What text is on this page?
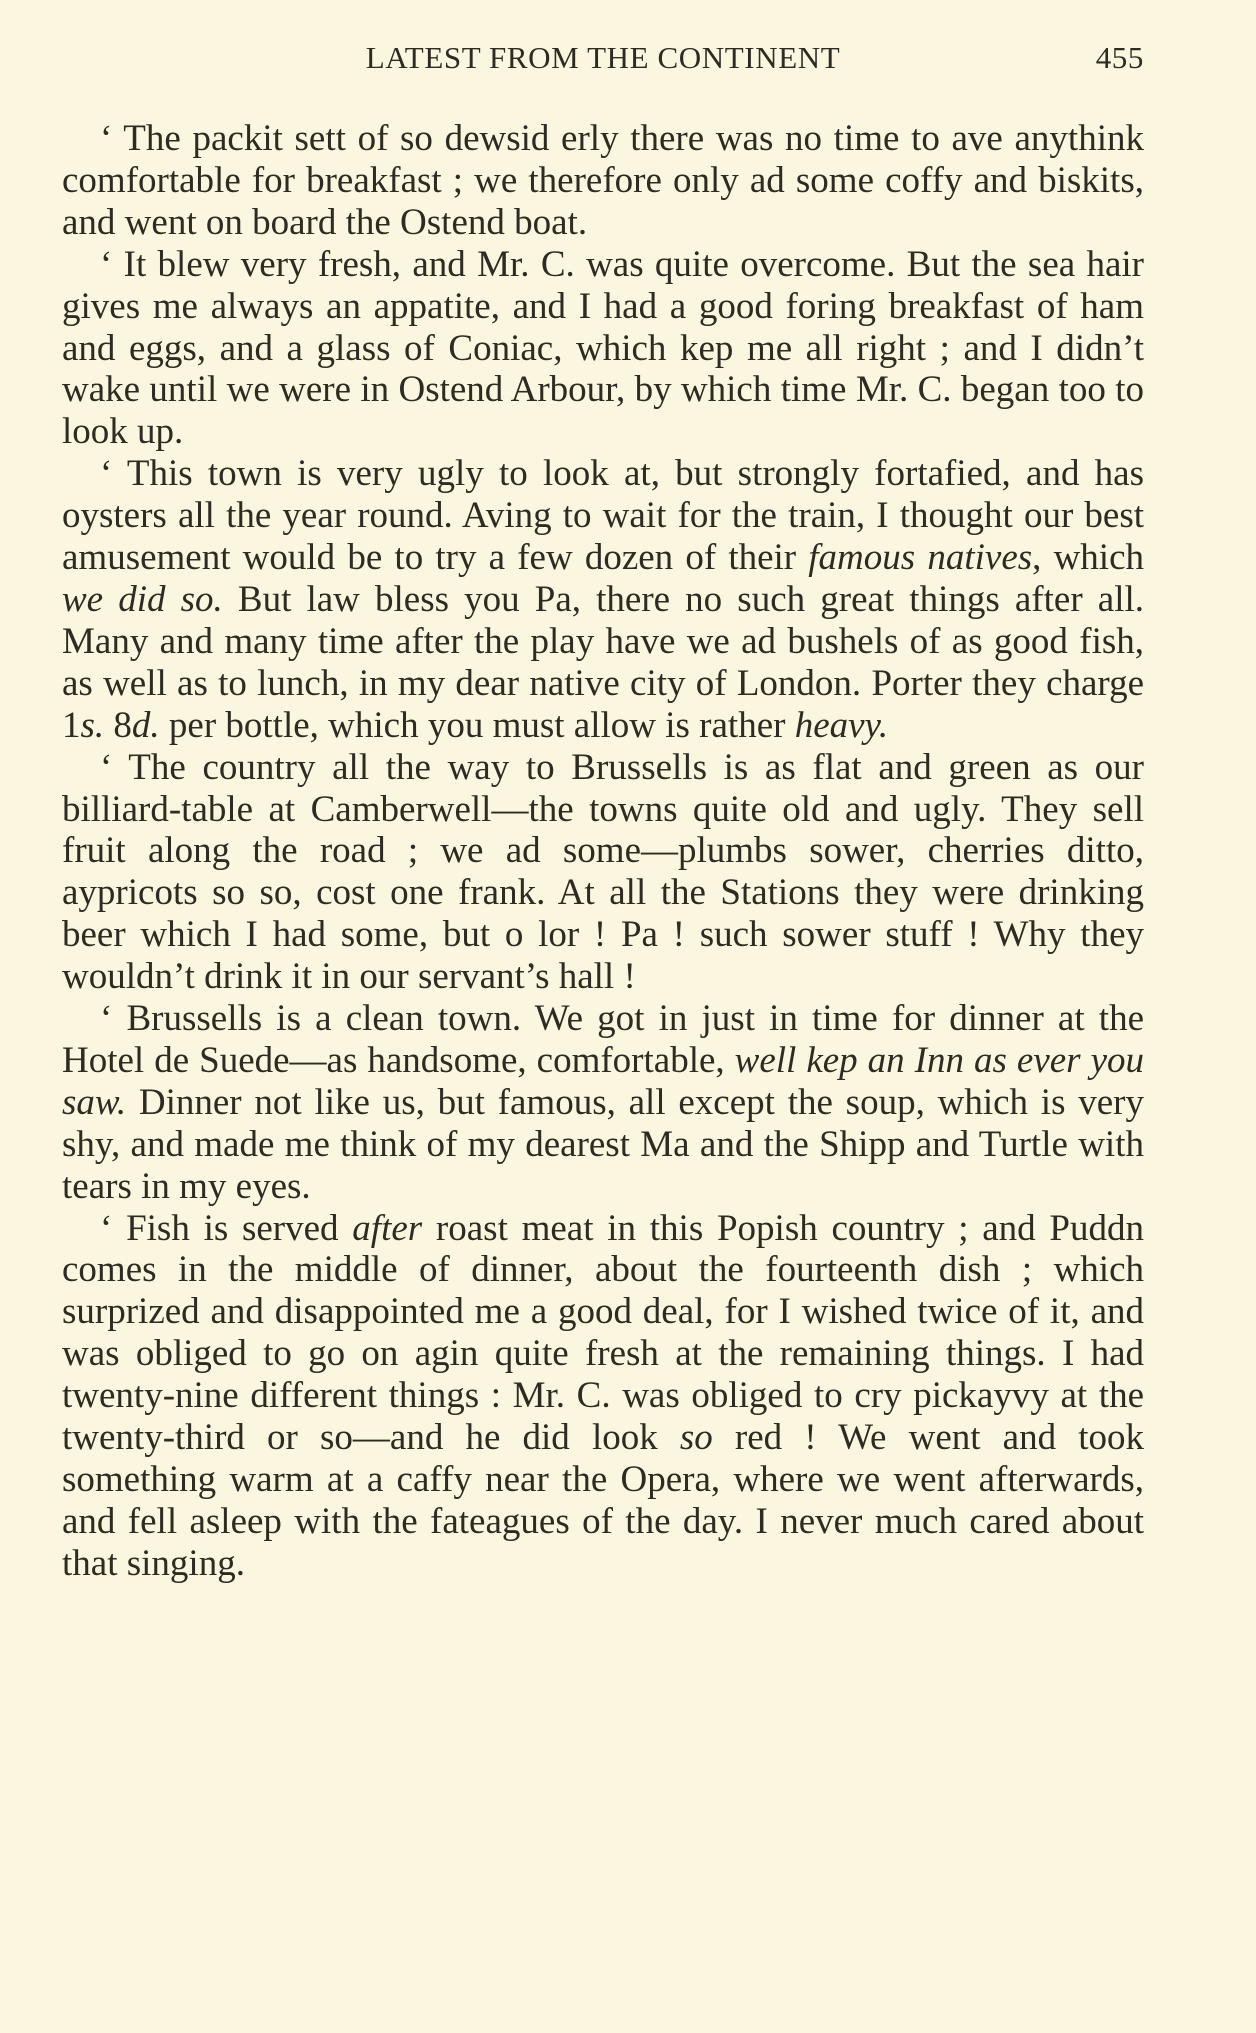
LATEST FROM THE CONTINENT	455

‘ The packit sett of so dewsid erly there was no time to ave anythink comfortable for breakfast ; we therefore only ad some coffy and biskits, and went on board the Ostend boat.

‘ It blew very fresh, and Mr. C. was quite overcome. But the sea hair gives me always an appatite, and I had a good foring breakfast of ham and eggs, and a glass of Coniac, which kep me all right ; and I didn’t wake until we were in Ostend Arbour, by which time Mr. C. began too to look up.

‘ This town is very ugly to look at, but strongly fortafied, and has oysters all the year round. Aving to wait for the train, I thought our best amusement would be to try a few dozen of their famous natives, which we did so. But law bless you Pa, there no such great things after all. Many and many time after the play have we ad bushels of as good fish, as well as to lunch, in my dear native city of London. Porter they charge 1s. 8d. per bottle, which you must allow is rather heavy.

‘ The country all the way to Brussells is as flat and green as our billiard-table at Camberwell—the towns quite old and ugly. They sell fruit along the road ; we ad some—plumbs sower, cherries ditto, aypricots so so, cost one frank. At all the Stations they were drinking beer which I had some, but o lor ! Pa ! such sower stuff ! Why they wouldn’t drink it in our servant’s hall !

‘ Brussells is a clean town. We got in just in time for dinner at the Hotel de Suede—as handsome, comfortable, well kep an Inn as ever you saw. Dinner not like us, but famous, all except the soup, which is very shy, and made me think of my dearest Ma and the Shipp and Turtle with tears in my eyes.

‘ Fish is served after roast meat in this Popish country ; and Puddn comes in the middle of dinner, about the fourteenth dish ; which surprized and disappointed me a good deal, for I wished twice of it, and was obliged to go on agin quite fresh at the remaining things. I had twenty-nine different things : Mr. C. was obliged to cry pickayvy at the twenty-third or so—and he did look so red ! We went and took something warm at a caffy near the Opera, where we went afterwards, and fell asleep with the fateagues of the day. I never much cared about that singing.
